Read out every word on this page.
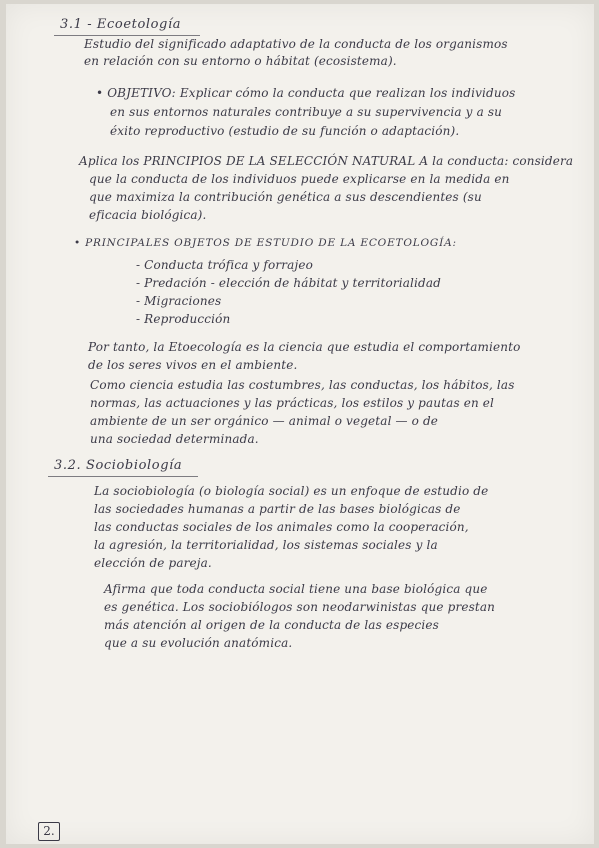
3.1 - Ecoetología
Estudio del significado adaptativo de la conducta de los organismos
en relación con su entorno o hábitat (ecosistema).
• OBJETIVO: Explicar cómo la conducta que realizan los individuos
en sus entornos naturales contribuye a su supervivencia y a su
éxito reproductivo (estudio de su función o adaptación).
Aplica los PRINCIPIOS DE LA SELECCIÓN NATURAL A la conducta: considera
que la conducta de los individuos puede explicarse en la medida en
que maximiza la contribución genética a sus descendientes (su
eficacia biológica).
• PRINCIPALES OBJETOS DE ESTUDIO DE LA ECOETOLOGÍA:
- Conducta trófica y forrajeo
- Predación - elección de hábitat y territorialidad
- Migraciones
- Reproducción
Por tanto, la Etoecología es la ciencia que estudia el comportamiento
de los seres vivos en el ambiente.
Como ciencia estudia las costumbres, las conductas, los hábitos, las
normas, las actuaciones y las prácticas, los estilos y pautas en el
ambiente de un ser orgánico — animal o vegetal — o de
una sociedad determinada.
3.2. Sociobiología
La sociobiología (o biología social) es un enfoque de estudio de
las sociedades humanas a partir de las bases biológicas de
las conductas sociales de los animales como la cooperación,
la agresión, la territorialidad, los sistemas sociales y la
elección de pareja.
Afirma que toda conducta social tiene una base biológica que
es genética. Los sociobiólogos son neodarwinistas que prestan
más atención al origen de la conducta de las especies
que a su evolución anatómica.
2.
